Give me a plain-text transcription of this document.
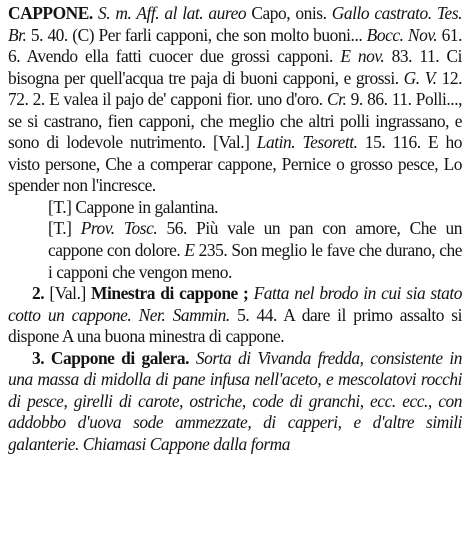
CAPPONE. S. m. Aff. al lat. aureo Capo, onis. Gallo castrato. Tes. Br. 5. 40. (C) Per farli capponi, che son molto buoni... Bocc. Nov. 61. 6. Avendo ella fatti cuocer due grossi capponi. E nov. 83. 11. Ci bisogna per quell'acqua tre paja di buoni capponi, e grossi. G. V. 12. 72. 2. E valea il pajo de' capponi fior. uno d'oro. Cr. 9. 86. 11. Polli..., se si castrano, fien capponi, che meglio che altri polli ingrassano, e sono di lodevole nutrimento. [Val.] Latin. Tesorett. 15. 116. E ho visto persone, Che a comperar cappone, Pernice o grosso pesce, Lo spender non l'incresce.

[T.] Cappone in galantina.

[T.] Prov. Tosc. 56. Più vale un pan con amore, Che un cappone con dolore. E 235. Son meglio le fave che durano, che i capponi che vengon meno.

2. [Val.] Minestra di cappone ; Fatta nel brodo in cui sia stato cotto un cappone. Ner. Sammin. 5. 44. A dare il primo assalto si dispone A una buona minestra di cappone.

3. Cappone di galera. Sorta di Vivanda fredda, consistente in una massa di midolla di pane infusa nell'aceto, e mescolatovi rocchi di pesce, girelli di carote, ostriche, code di granchi, ecc. ecc., con addobbo d'uova sode ammezzate, di capperi, e d'altre simili galanterie. Chiamasi Cappone dalla forma
